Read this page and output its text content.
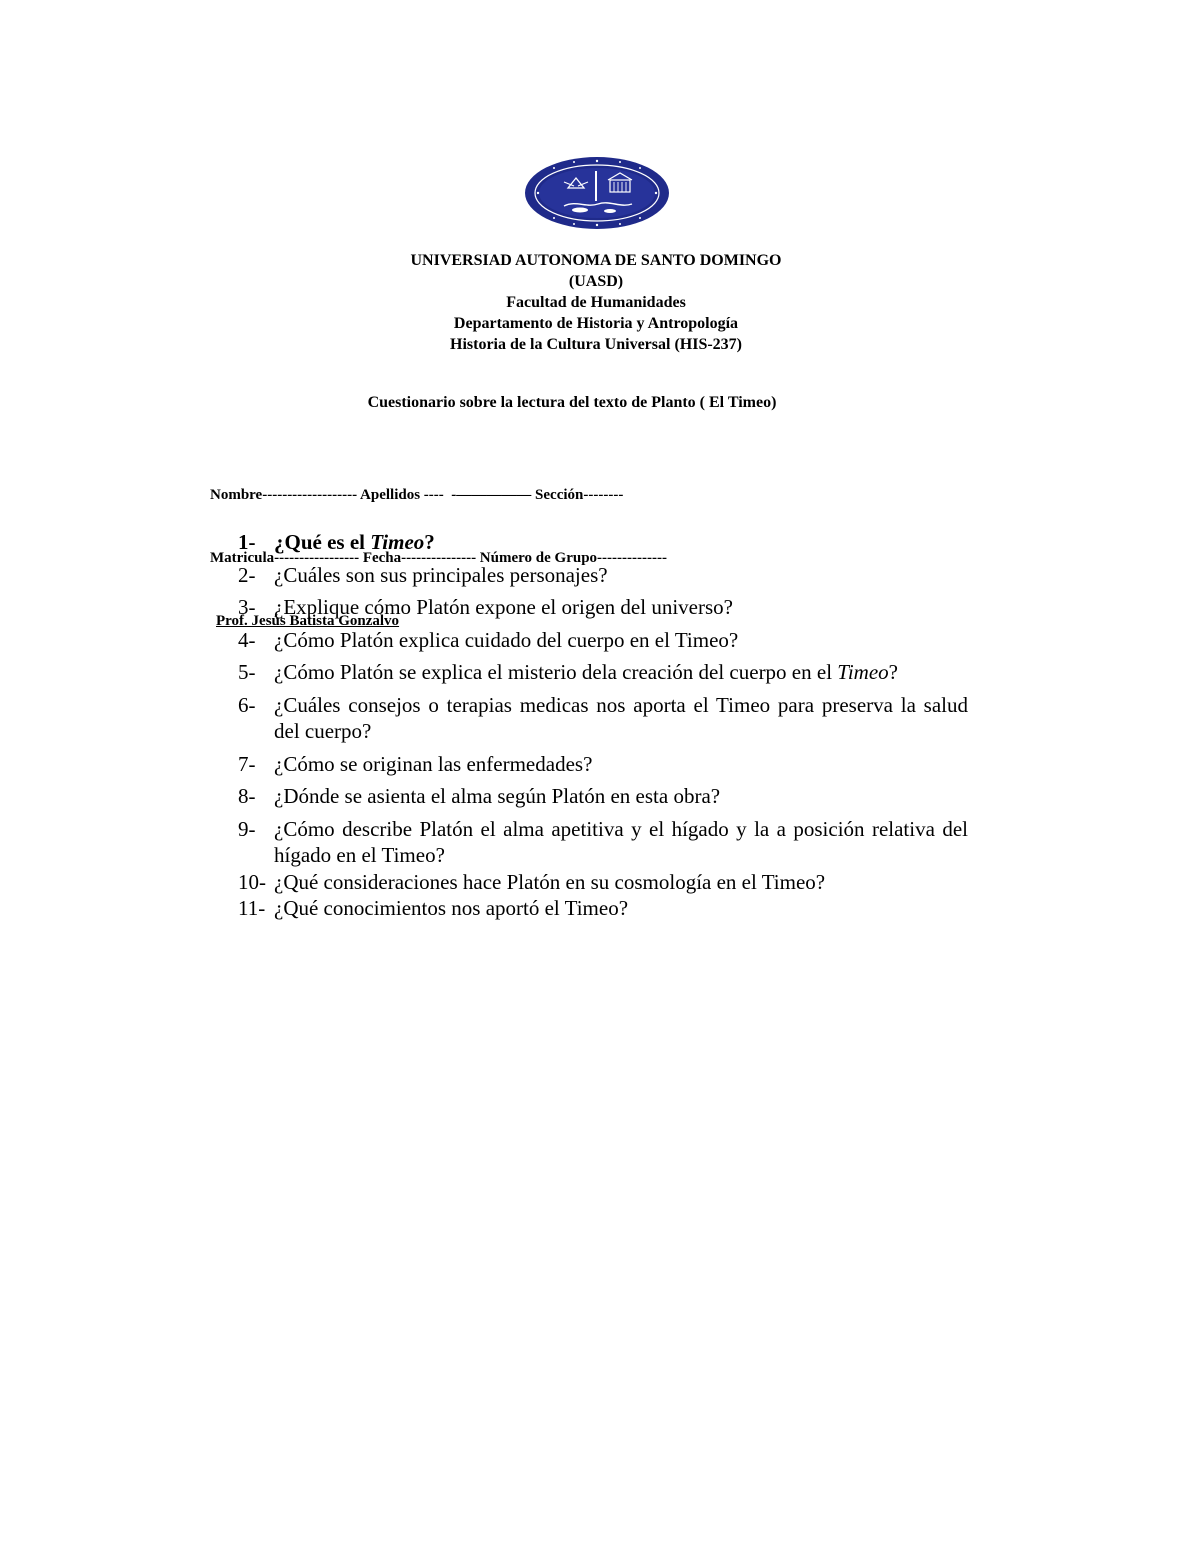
UNIVERSIAD AUTONOMA DE SANTO DOMINGO
(UASD)
Facultad de Humanidades
Departamento de Historia y Antropología
Historia de la Cultura Universal (HIS-237)
Cuestionario sobre la lectura del texto de Planto ( El Timeo)

Nombre------------------- Apellidos ----  -————— Sección--------

Matricula----------------- Fecha--------------- Número de Grupo--------------

Prof. Jesús Batista Gonzalvo

1- ¿Qué es el Timeo?
2- ¿Cuáles son sus principales personajes?
3- ¿Explique cómo Platón expone el origen del universo?
4- ¿Cómo Platón explica cuidado del cuerpo en el Timeo?
5- ¿Cómo Platón se explica el misterio dela creación del cuerpo en el Timeo?
6- ¿Cuáles consejos o terapias medicas nos aporta el Timeo para preserva la salud del cuerpo?
7- ¿Cómo se originan las enfermedades?
8- ¿Dónde se asienta el alma según Platón en esta obra?
9- ¿Cómo describe Platón el alma apetitiva y el hígado y la a posición relativa del hígado en el Timeo?
10- ¿Qué consideraciones hace Platón en su cosmología en el Timeo?
11- ¿Qué conocimientos nos aportó el Timeo?
